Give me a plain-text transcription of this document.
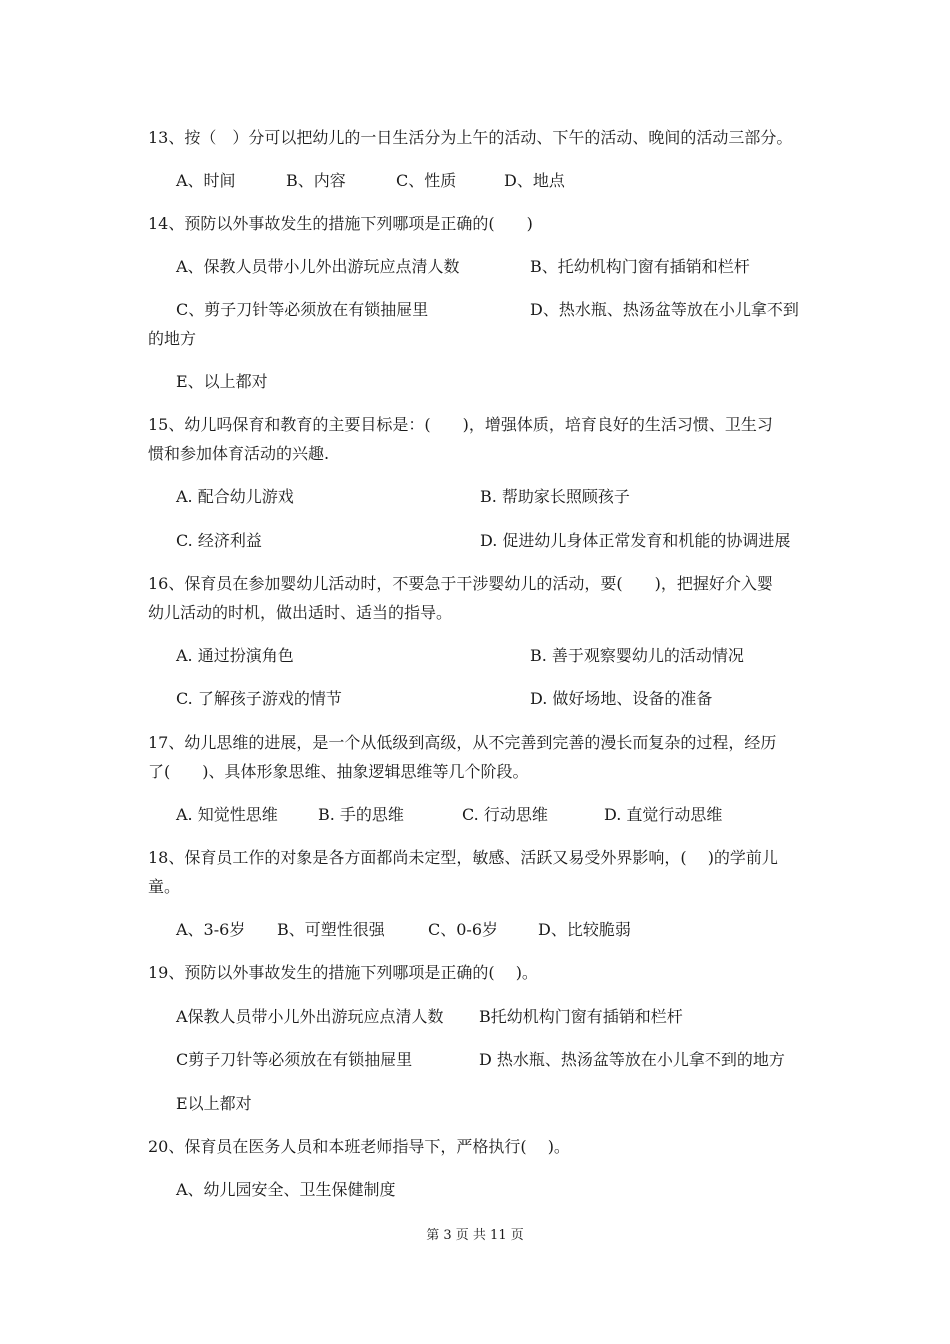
13、按（　）分可以把幼儿的一日生活分为上午的活动、下午的活动、晚间的活动三部分。
A、时间	B、内容	C、性质	D、地点
14、预防以外事故发生的措施下列哪项是正确的(　　)
A、保教人员带小儿外出游玩应点清人数	B、托幼机构门窗有插销和栏杆
C、剪子刀针等必须放在有锁抽屉里	D、热水瓶、热汤盆等放在小儿拿不到
的地方
E、以上都对
15、幼儿吗保育和教育的主要目标是：(　　)，增强体质，培育良好的生活习惯、卫生习
惯和参加体育活动的兴趣.
A. 配合幼儿游戏	B. 帮助家长照顾孩子
C. 经济利益	D. 促进幼儿身体正常发育和机能的协调进展
16、保育员在参加婴幼儿活动时，不要急于干涉婴幼儿的活动，要(　　)，把握好介入婴
幼儿活动的时机，做出适时、适当的指导。
A. 通过扮演角色	B. 善于观察婴幼儿的活动情况
C. 了解孩子游戏的情节	D. 做好场地、设备的准备
17、幼儿思维的进展，是一个从低级到高级，从不完善到完善的漫长而复杂的过程，经历
了(　　)、具体形象思维、抽象逻辑思维等几个阶段。
A. 知觉性思维	B. 手的思维	C. 行动思维	D. 直觉行动思维
18、保育员工作的对象是各方面都尚未定型，敏感、活跃又易受外界影响，(　 )的学前儿
童。
A、3-6岁 B、可塑性很强	C、0-6岁 D、比较脆弱
19、预防以外事故发生的措施下列哪项是正确的(　 )。
A保教人员带小儿外出游玩应点清人数 B托幼机构门窗有插销和栏杆
C剪子刀针等必须放在有锁抽屉里	D 热水瓶、热汤盆等放在小儿拿不到的地方
E以上都对
20、保育员在医务人员和本班老师指导下，严格执行(　 )。
A、幼儿园安全、卫生保健制度
第 3 页 共 11 页
